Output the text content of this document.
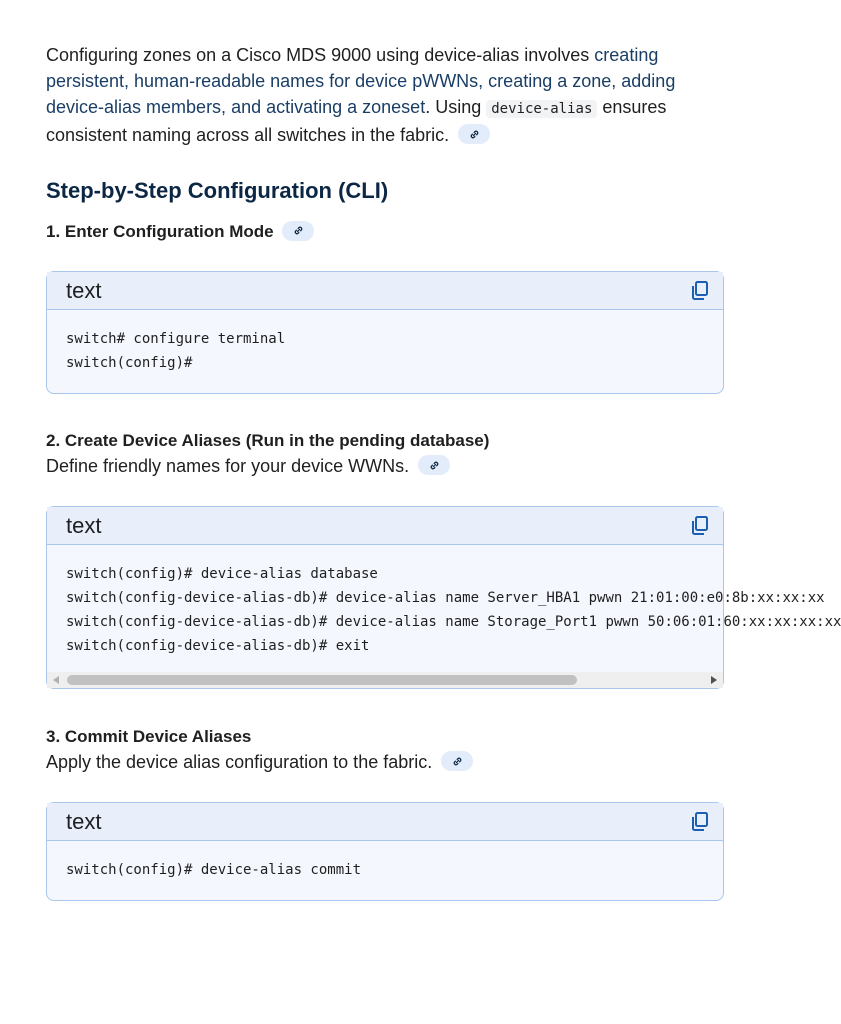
Configuring zones on a Cisco MDS 9000 using device-alias involves creating persistent, human-readable names for device pWWNs, creating a zone, adding device-alias members, and activating a zoneset. Using device-alias ensures consistent naming across all switches in the fabric.

Step-by-Step Configuration (CLI)
1. Enter Configuration Mode
text
switch# configure terminal
switch(config)#
2. Create Device Aliases (Run in the pending database)

Define friendly names for your device WWNs.

text
switch(config)# device-alias database
switch(config-device-alias-db)# device-alias name Server_HBA1 pwwn 21:01:00:e0:8b:xx:xx:xx
switch(config-device-alias-db)# device-alias name Storage_Port1 pwwn 50:06:01:60:xx:xx:xx:xx
switch(config-device-alias-db)# exit
3. Commit Device Aliases

Apply the device alias configuration to the fabric.

text
switch(config)# device-alias commit
